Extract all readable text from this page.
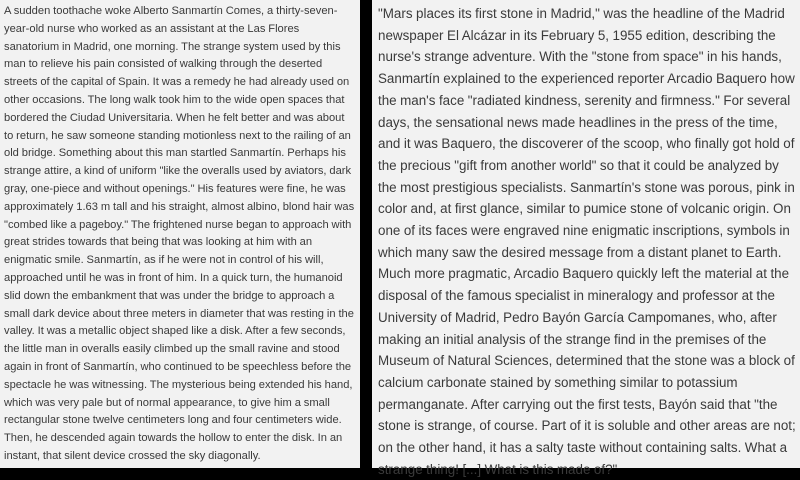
A sudden toothache woke Alberto Sanmartín Comes, a thirty-seven-year-old nurse who worked as an assistant at the Las Flores sanatorium in Madrid, one morning. The strange system used by this man to relieve his pain consisted of walking through the deserted streets of the capital of Spain. It was a remedy he had already used on other occasions. The long walk took him to the wide open spaces that bordered the Ciudad Universitaria. When he felt better and was about to return, he saw someone standing motionless next to the railing of an old bridge. Something about this man startled Sanmartín. Perhaps his strange attire, a kind of uniform "like the overalls used by aviators, dark gray, one-piece and without openings." His features were fine, he was approximately 1.63 m tall and his straight, almost albino, blond hair was "combed like a pageboy." The frightened nurse began to approach with great strides towards that being that was looking at him with an enigmatic smile. Sanmartín, as if he were not in control of his will, approached until he was in front of him. In a quick turn, the humanoid slid down the embankment that was under the bridge to approach a small dark device about three meters in diameter that was resting in the valley. It was a metallic object shaped like a disk. After a few seconds, the little man in overalls easily climbed up the small ravine and stood again in front of Sanmartín, who continued to be speechless before the spectacle he was witnessing. The mysterious being extended his hand, which was very pale but of normal appearance, to give him a small rectangular stone twelve centimeters long and four centimeters wide. Then, he descended again towards the hollow to enter the disk. In an instant, that silent device crossed the sky diagonally.

"Mars places its first stone in Madrid," was the headline of the Madrid newspaper El Alcázar in its February 5, 1955 edition, describing the nurse's strange adventure. With the "stone from space" in his hands, Sanmartín explained to the experienced reporter Arcadio Baquero how the man's face "radiated kindness, serenity and firmness." For several days, the sensational news made headlines in the press of the time, and it was Baquero, the discoverer of the scoop, who finally got hold of the precious "gift from another world" so that it could be analyzed by the most prestigious specialists. Sanmartín's stone was porous, pink in color and, at first glance, similar to pumice stone of volcanic origin. On one of its faces were engraved nine enigmatic inscriptions, symbols in which many saw the desired message from a distant planet to Earth. Much more pragmatic, Arcadio Baquero quickly left the material at the disposal of the famous specialist in mineralogy and professor at the University of Madrid, Pedro Bayón García Campomanes, who, after making an initial analysis of the strange find in the premises of the Museum of Natural Sciences, determined that the stone was a block of calcium carbonate stained by something similar to potassium permanganate. After carrying out the first tests, Bayón said that "the stone is strange, of course. Part of it is soluble and other areas are not; on the other hand, it has a salty taste without containing salts. What a strange thing! [...] What is this made of?"
